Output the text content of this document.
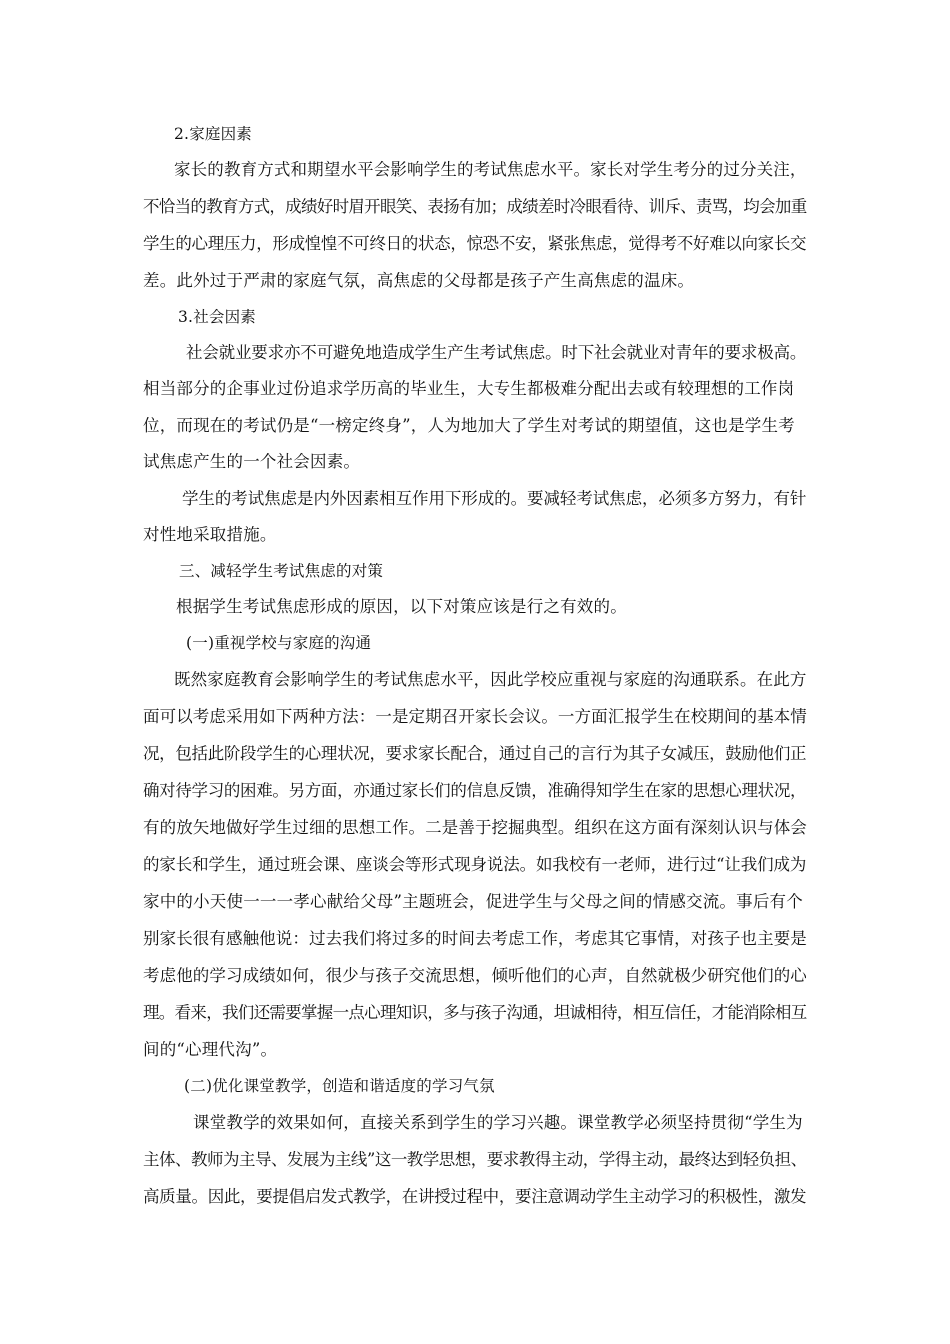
2.家庭因素
家长的教育方式和期望水平会影响学生的考试焦虑水平。家长对学生考分的过分关注，
不恰当的教育方式，成绩好时眉开眼笑、表扬有加；成绩差时冷眼看待、训斥、责骂，均会加重
学生的心理压力，形成惶惶不可终日的状态，惊恐不安，紧张焦虑，觉得考不好难以向家长交
差。此外过于严肃的家庭气氛，高焦虑的父母都是孩子产生高焦虑的温床。
3.社会因素
社会就业要求亦不可避免地造成学生产生考试焦虑。时下社会就业对青年的要求极高。
相当部分的企事业过份追求学历高的毕业生，大专生都极难分配出去或有较理想的工作岗
位，而现在的考试仍是“一榜定终身”，人为地加大了学生对考试的期望值，这也是学生考
试焦虑产生的一个社会因素。
学生的考试焦虑是内外因素相互作用下形成的。要减轻考试焦虑，必须多方努力，有针
对性地采取措施。
三、减轻学生考试焦虑的对策
根据学生考试焦虑形成的原因，以下对策应该是行之有效的。
(一)重视学校与家庭的沟通
既然家庭教育会影响学生的考试焦虑水平，因此学校应重视与家庭的沟通联系。在此方
面可以考虑采用如下两种方法：一是定期召开家长会议。一方面汇报学生在校期间的基本情
况，包括此阶段学生的心理状况，要求家长配合，通过自己的言行为其子女减压，鼓励他们正
确对待学习的困难。另方面，亦通过家长们的信息反馈，准确得知学生在家的思想心理状况，
有的放矢地做好学生过细的思想工作。二是善于挖掘典型。组织在这方面有深刻认识与体会
的家长和学生，通过班会课、座谈会等形式现身说法。如我校有一老师，进行过“让我们成为
家中的小天使一一一孝心献给父母”主题班会，促进学生与父母之间的情感交流。事后有个
别家长很有感触他说：过去我们将过多的时间去考虑工作，考虑其它事情，对孩子也主要是
考虑他的学习成绩如何，很少与孩子交流思想，倾听他们的心声，自然就极少研究他们的心
理。看来，我们还需要掌握一点心理知识，多与孩子沟通，坦诚相待，相互信任，才能消除相互
间的“心理代沟”。
(二)优化课堂教学，创造和谐适度的学习气氛
课堂教学的效果如何，直接关系到学生的学习兴趣。课堂教学必须坚持贯彻“学生为
主体、教师为主导、发展为主线”这一教学思想，要求教得主动，学得主动，最终达到轻负担、
高质量。因此，要提倡启发式教学，在讲授过程中，要注意调动学生主动学习的积极性，激发
